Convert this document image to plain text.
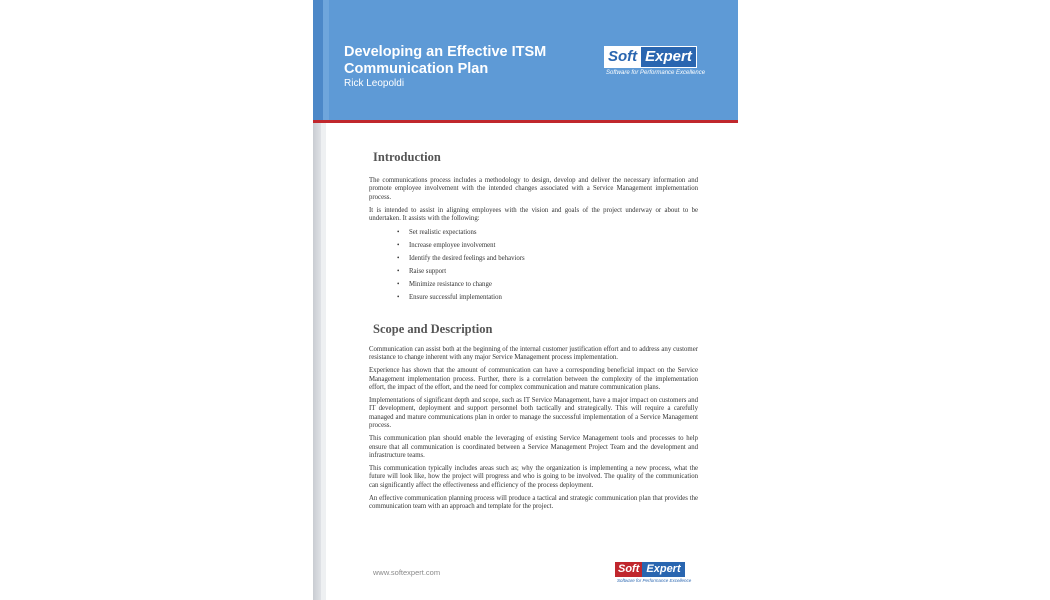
Developing an Effective ITSM Communication Plan
Rick Leopoldi
Soft Expert
Software for Performance Excellence
Introduction

The communications process includes a methodology to design, develop and deliver the necessary information and promote employee involvement with the intended changes associated with a Service Management implementation process.

It is intended to assist in aligning employees with the vision and goals of the project underway or about to be undertaken. It assists with the following:

• Set realistic expectations
• Increase employee involvement
• Identify the desired feelings and behaviors
• Raise support
• Minimize resistance to change
• Ensure successful implementation
Scope and Description

Communication can assist both at the beginning of the internal customer justification effort and to address any customer resistance to change inherent with any major Service Management process implementation.

Experience has shown that the amount of communication can have a corresponding beneficial impact on the Service Management implementation process. Further, there is a correlation between the complexity of the implementation effort, the impact of the effort, and the need for complex communication and mature communication plans.

Implementations of significant depth and scope, such as IT Service Management, have a major impact on customers and IT development, deployment and support personnel both tactically and strategically. This will require a carefully managed and mature communications plan in order to manage the successful implementation of a Service Management process.

This communication plan should enable the leveraging of existing Service Management tools and processes to help ensure that all communication is coordinated between a Service Management Project Team and the development and infrastructure teams.

This communication typically includes areas such as; why the organization is implementing a new process, what the future will look like, how the project will progress and who is going to be involved. The quality of the communication can significantly affect the effectiveness and efficiency of the process deployment.

An effective communication planning process will produce a tactical and strategic communication plan that provides the communication team with an approach and template for the project.

www.softexpert.com	Soft Expert
Software for Performance Excellence
